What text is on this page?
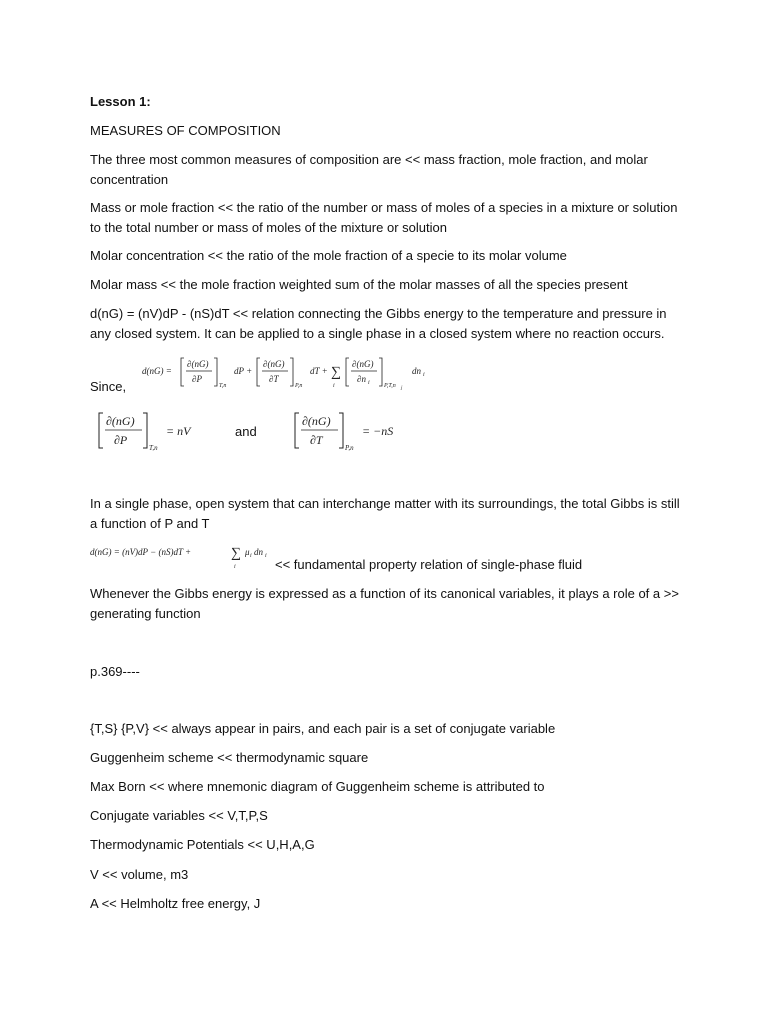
Lesson 1:

MEASURES OF COMPOSITION

The three most common measures of composition are << mass fraction, mole fraction, and molar concentration

Mass or mole fraction << the ratio of the number or mass of moles of a species in a mixture or solution to the total number or mass of moles of the mixture or solution

Molar concentration << the ratio of the mole fraction of a specie to its molar volume

Molar mass << the mole fraction weighted sum of the molar masses of all the species present

d(nG) = (nV)dP - (nS)dT << relation connecting the Gibbs energy to the temperature and pressure in any closed system. It can be applied to a single phase in a closed system where no reaction occurs.

d(nG) =
∂(nG)
∂P
T,n
dP +
∂(nG)
∂T
P,n
dT + ∑
i
∂(nG)
∂n i P,T,n j
dn i

Since,

∂(nG)
∂P
T,n
= nV	and

∂(nG)
∂T
P,n
= −nS

In a single phase, open system that can interchange matter with its surroundings, the total Gibbs is still a function of P and T

d(nG) = (nV)dP − (nS)dT +	∑
i
μ i dn i

<< fundamental property relation of single-phase fluid

Whenever the Gibbs energy is expressed as a function of its canonical variables, it plays a role of a >> generating function

p.369----

{T,S} {P,V} << always appear in pairs, and each pair is a set of conjugate variable

Guggenheim scheme << thermodynamic square

Max Born << where mnemonic diagram of Guggenheim scheme is attributed to

Conjugate variables << V,T,P,S

Thermodynamic Potentials << U,H,A,G

V << volume, m3

A << Helmholtz free energy, J
